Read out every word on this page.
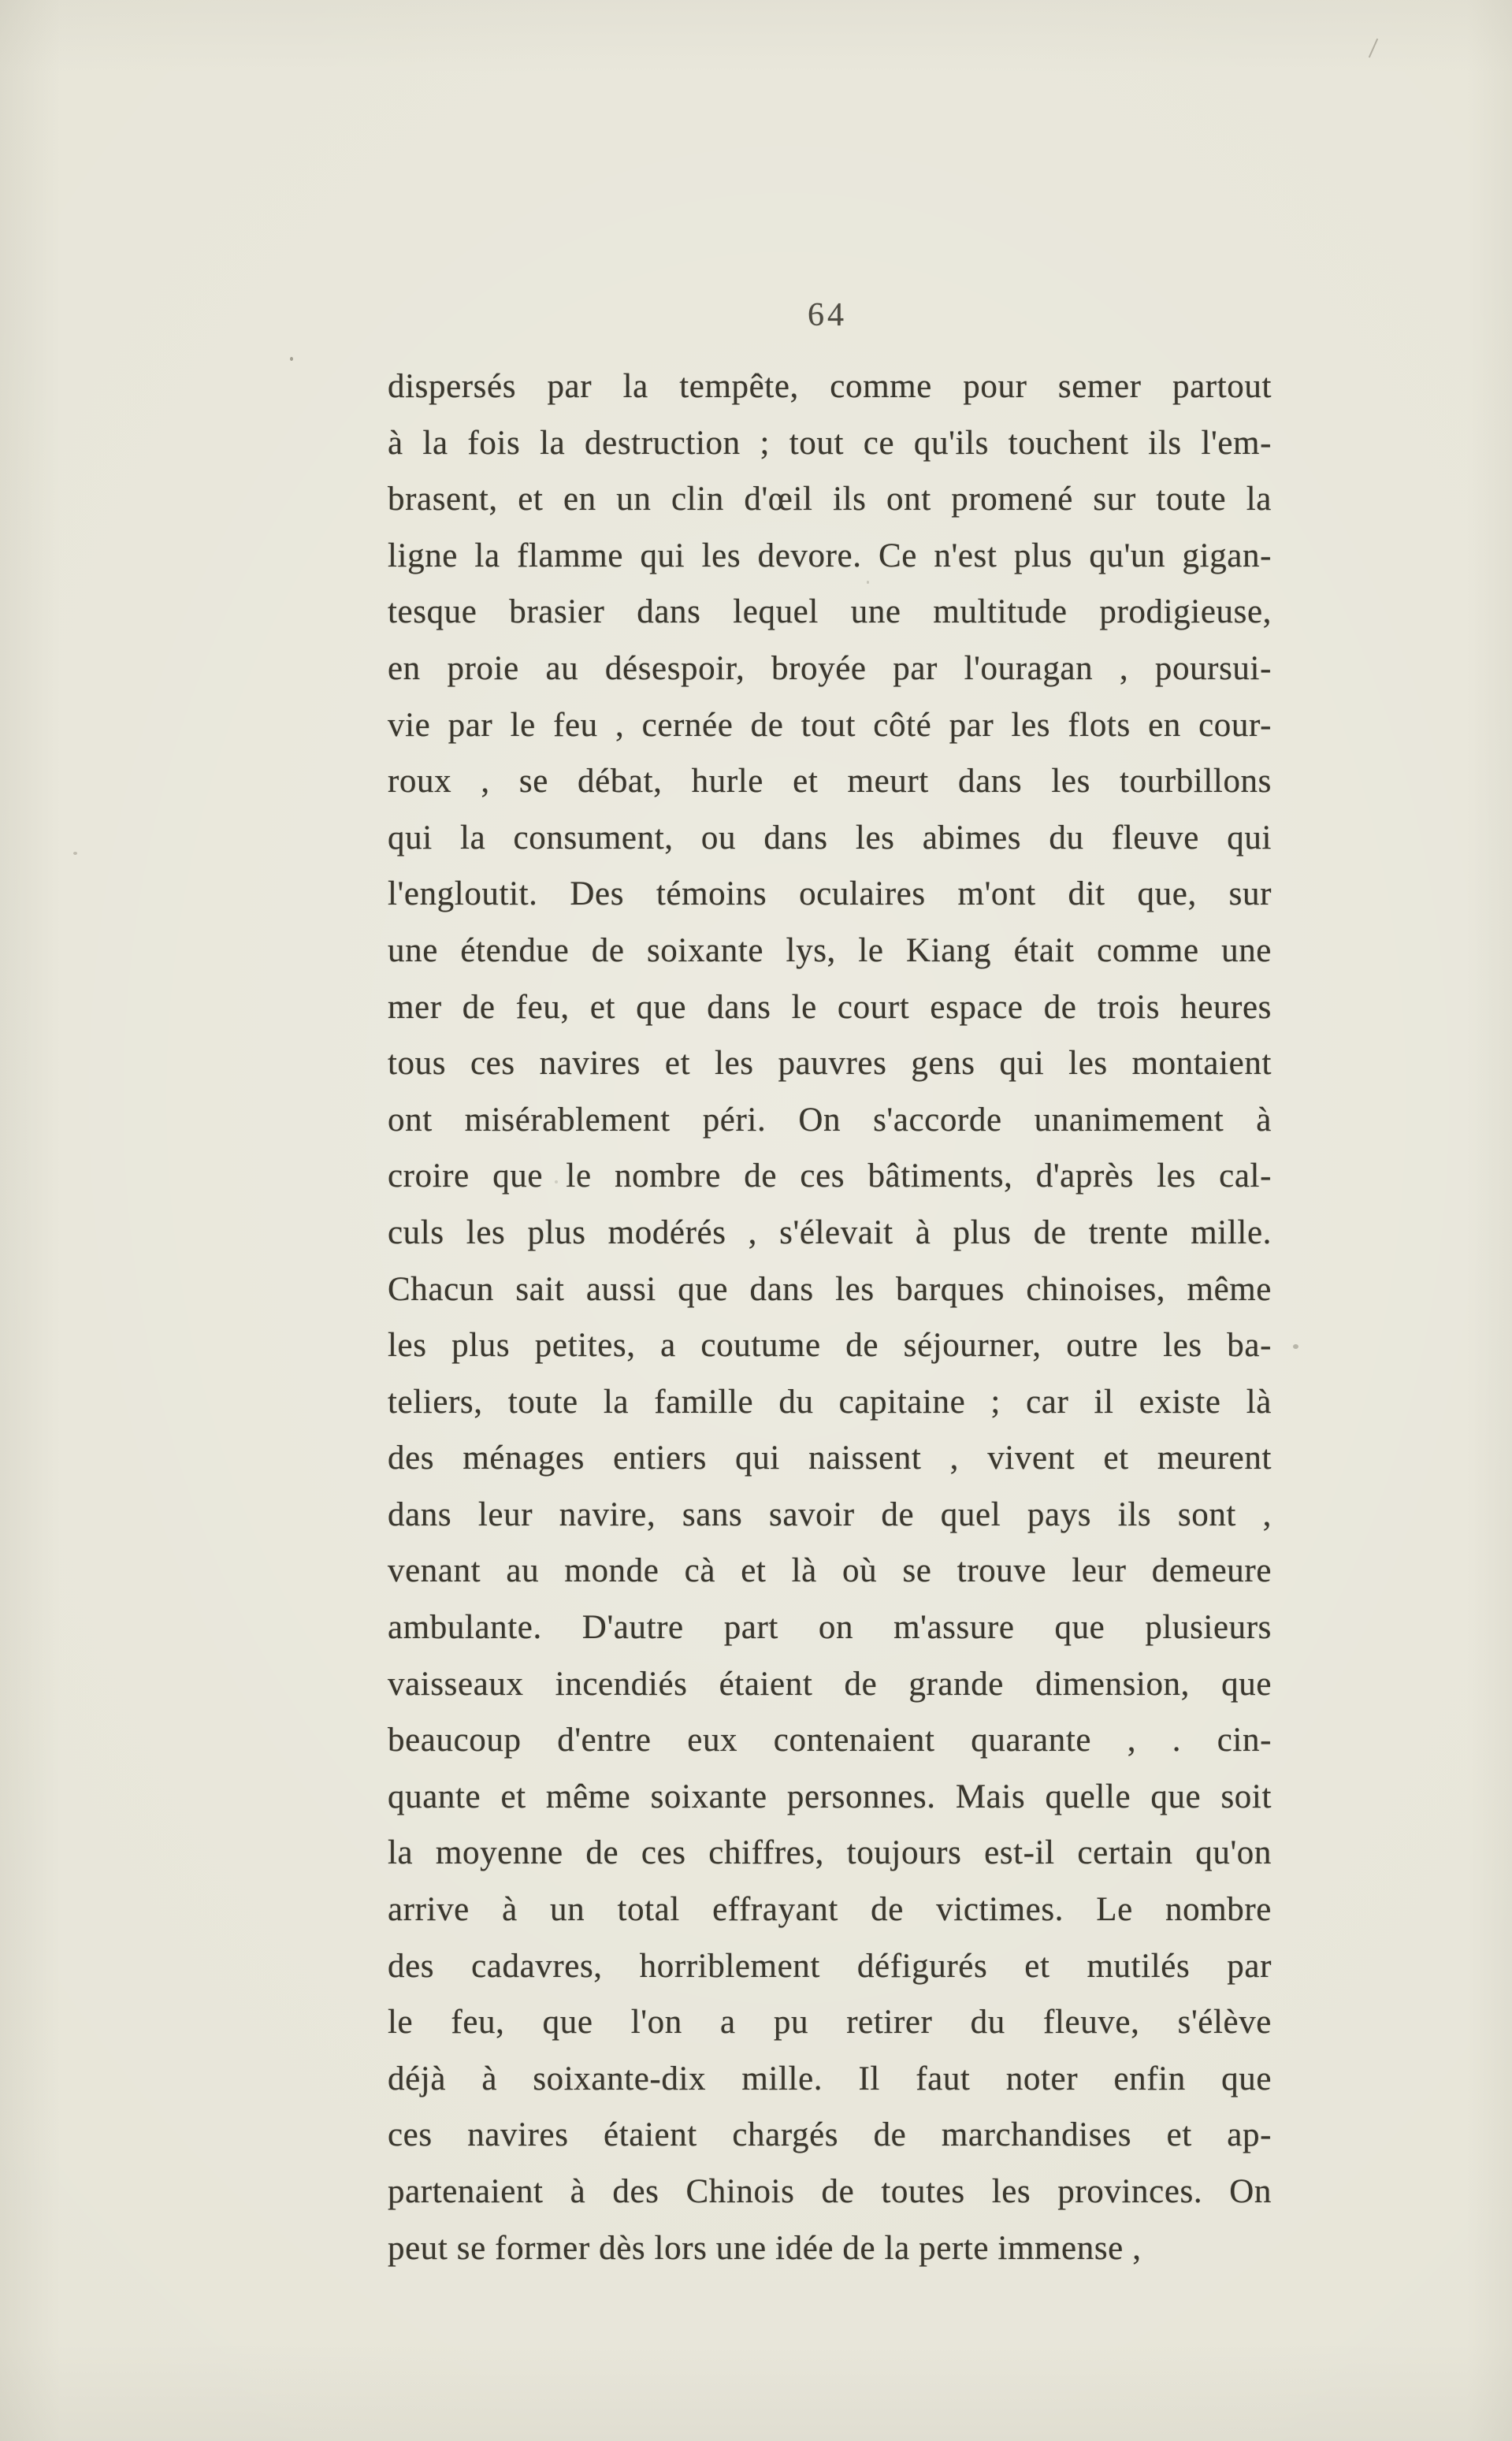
64
dispersés par la tempête, comme pour semer partout
à la fois la destruction ; tout ce qu'ils touchent ils l'em-
brasent, et en un clin d'œil ils ont promené sur toute la
ligne la flamme qui les devore. Ce n'est plus qu'un gigan-
tesque brasier dans lequel une multitude prodigieuse,
en proie au désespoir, broyée par l'ouragan , poursui-
vie par le feu , cernée de tout côté par les flots en cour-
roux , se débat, hurle et meurt dans les tourbillons
qui la consument, ou dans les abimes du fleuve qui
l'engloutit. Des témoins oculaires m'ont dit que, sur
une étendue de soixante lys, le Kiang était comme une
mer de feu, et que dans le court espace de trois heures
tous ces navires et les pauvres gens qui les montaient
ont misérablement péri. On s'accorde unanimement à
croire que le nombre de ces bâtiments, d'après les cal-
culs les plus modérés , s'élevait à plus de trente mille.
Chacun sait aussi que dans les barques chinoises, même
les plus petites, a coutume de séjourner, outre les ba-
teliers, toute la famille du capitaine ; car il existe là
des ménages entiers qui naissent , vivent et meurent
dans leur navire, sans savoir de quel pays ils sont ,
venant au monde cà et là où se trouve leur demeure
ambulante. D'autre part on m'assure que plusieurs
vaisseaux incendiés étaient de grande dimension, que
beaucoup d'entre eux contenaient quarante , . cin-
quante et même soixante personnes. Mais quelle que soit
la moyenne de ces chiffres, toujours est-il certain qu'on
arrive à un total effrayant de victimes. Le nombre
des cadavres, horriblement défigurés et mutilés par
le feu, que l'on a pu retirer du fleuve, s'élève
déjà à soixante-dix mille. Il faut noter enfin que
ces navires étaient chargés de marchandises et ap-
partenaient à des Chinois de toutes les provinces. On
peut se former dès lors une idée de la perte immense ,
